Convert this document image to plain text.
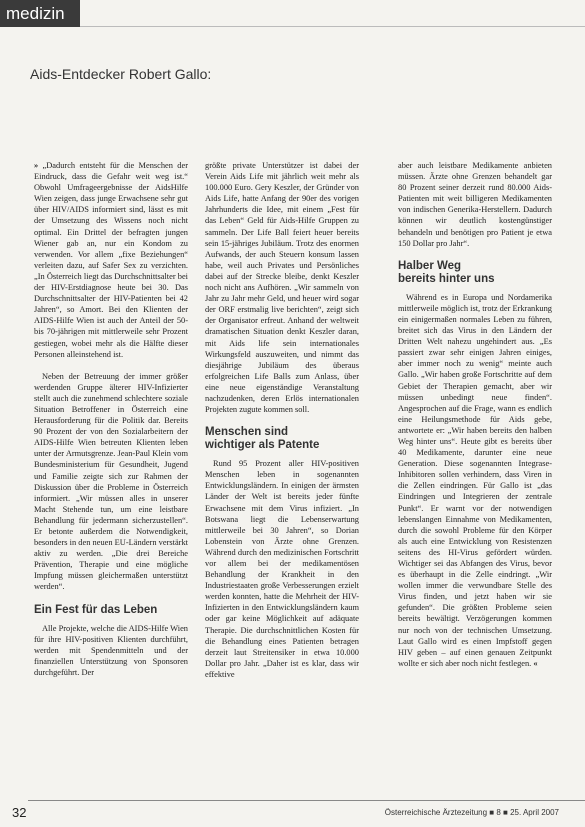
medizin
Aids-Entdecker Robert Gallo:

» „Dadurch entsteht für die Menschen der Eindruck, dass die Gefahr weit weg ist.“ Obwohl Umfrageergebnisse der AidsHilfe Wien zeigen, dass junge Erwachsene sehr gut über HIV/AIDS informiert sind, lässt es mit der Umsetzung des Wissens noch nicht optimal. Ein Drittel der befragten jungen Wiener gab an, nur ein Kondom zu verwenden. Vor allem „fixe Beziehungen“ verleiten dazu, auf Safer Sex zu verzichten. „In Österreich liegt das Durchschnittsalter bei der HIV-Erstdiagnose heute bei 30. Das Durchschnittsalter der HIV-Patienten bei 42 Jahren“, so Amort. Bei den Klienten der AIDS-Hilfe Wien ist auch der Anteil der 50- bis 70-jährigen mit mittlerweile sehr Prozent gestiegen, wobei mehr als die Hälfte dieser Personen alleinstehend ist.

Neben der Betreuung der immer größer werdenden Gruppe älterer HIV-Infizierter stellt auch die zunehmend schlechtere soziale Situation Betroffener in Österreich eine Herausforderung für die Politik dar. Bereits 90 Prozent der von den Sozialarbeitern der AIDS-Hilfe Wien betreuten Klienten leben unter der Armutsgrenze. Jean-Paul Klein vom Bundesministerium für Gesundheit, Jugend und Familie zeigte sich zur Rahmen der Diskussion über die Probleme in Österreich informiert. „Wir müssen alles in unserer Macht Stehende tun, um eine leistbare Behandlung für jedermann sicherzustellen“. Er betonte außerdem die Notwendigkeit, besonders in den neuen EU-Ländern verstärkt aktiv zu werden. „Die drei Bereiche Prävention, Therapie und eine mögliche Impfung müssen gleichermaßen unterstützt werden“.

Ein Fest für das Leben

Alle Projekte, welche die AIDS-Hilfe Wien für ihre HIV-positiven Klienten durchführt, werden mit Spendenmitteln und der finanziellen Unterstützung von Sponsoren durchgeführt. Der

größte private Unterstützer ist dabei der Verein Aids Life mit jährlich weit mehr als 100.000 Euro. Gery Keszler, der Gründer von Aids Life, hatte Anfang der 90er des vorigen Jahrhunderts die Idee, mit einem „Fest für das Leben“ Geld für Aids-Hilfe Gruppen zu sammeln. Der Life Ball feiert heuer bereits sein 15-jähriges Jubiläum. Trotz des enormen Aufwands, der auch Steuern konsum lassen habe, weil auch Privates und Persönliches dabei auf der Strecke bleibe, denkt Keszler noch nicht ans Aufhören. „Wir sammeln von Jahr zu Jahr mehr Geld, und heuer wird sogar der ORF erstmalig live berichten“, zeigt sich der Organisator erfreut. Anhand der weltweit dramatischen Situation denkt Keszler daran, mit Aids life sein internationales Wirkungsfeld auszuweiten, und nimmt das diesjährige Jubiläum des überaus erfolgreichen Life Balls zum Anlass, über eine neue eigenständige Veranstaltung nachzudenken, deren Erlös internationalen Projekten zugute kommen soll.

Menschen sind
wichtiger als Patente

Rund 95 Prozent aller HIV-positiven Menschen leben in sogenannten Entwicklungsländern. In einigen der ärmsten Länder der Welt ist bereits jeder fünfte Erwachsene mit dem Virus infiziert. „In Botswana liegt die Lebenserwartung mittlerweile bei 30 Jahren“, so Dorian Lobenstein von Ärzte ohne Grenzen. Während durch den medizinischen Fortschritt vor allem bei der medikamentösen Behandlung der Krankheit in den Industriestaaten große Verbesserungen erzielt werden konnten, hatte die Mehrheit der HIV-Infizierten in den Entwicklungsländern kaum oder gar keine Möglichkeit auf adäquate Therapie. Die durchschnittlichen Kosten für die Behandlung eines Patienten betragen derzeit laut Streitensiker in etwa 10.000 Dollar pro Jahr. „Daher ist es klar, dass wir effektive

aber auch leistbare Medikamente anbieten müssen. Ärzte ohne Grenzen behandelt gar 80 Prozent seiner derzeit rund 80.000 Aids-Patienten mit weit billigeren Medikamenten von indischen Generika-Herstellern. Dadurch können wir deutlich kostengünstiger behandeln und benötigen pro Patient je etwa 150 Dollar pro Jahr“.

Halber Weg
bereits hinter uns

Während es in Europa und Nordamerika mittlerweile möglich ist, trotz der Erkrankung ein einigermaßen normales Leben zu führen, breitet sich das Virus in den Ländern der Dritten Welt nahezu ungehindert aus. „Es passiert zwar sehr einigen Jahren einiges, aber immer noch zu wenig“ meinte auch Gallo. „Wir haben große Fortschritte auf dem Gebiet der Therapien gemacht, aber wir müssen unbedingt neue finden“. Angesprochen auf die Frage, wann es endlich eine Heilungsmethode für Aids gebe, antwortete er: „Wir haben bereits den halben Weg hinter uns“. Heute gibt es bereits über 40 Medikamente, darunter eine neue Generation. Diese sogenannten Integrase-Inhibitoren sollen verhindern, dass Viren in die Zellen eindringen. Für Gallo ist „das Eindringen und Integrieren der zentrale Punkt“. Er warnt vor der notwendigen lebenslangen Einnahme von Medikamenten, durch die sowohl Probleme für den Körper als auch eine Entwicklung von Resistenzen seitens des HI-Virus gefördert würden. Wichtiger sei das Abfangen des Virus, bevor es überhaupt in die Zelle eindringt. „Wir wollen immer die verwundbare Stelle des Virus finden, und jetzt haben wir sie gefunden“. Die größten Probleme seien bereits bewältigt. Verzögerungen kommen nur noch von der technischen Umsetzung. Laut Gallo wird es einen Impfstoff gegen HIV geben – auf einen genauen Zeitpunkt wollte er sich aber noch nicht festlegen. «

32	Österreichische Ärztezeitung ■ 8 ■ 25. April 2007
